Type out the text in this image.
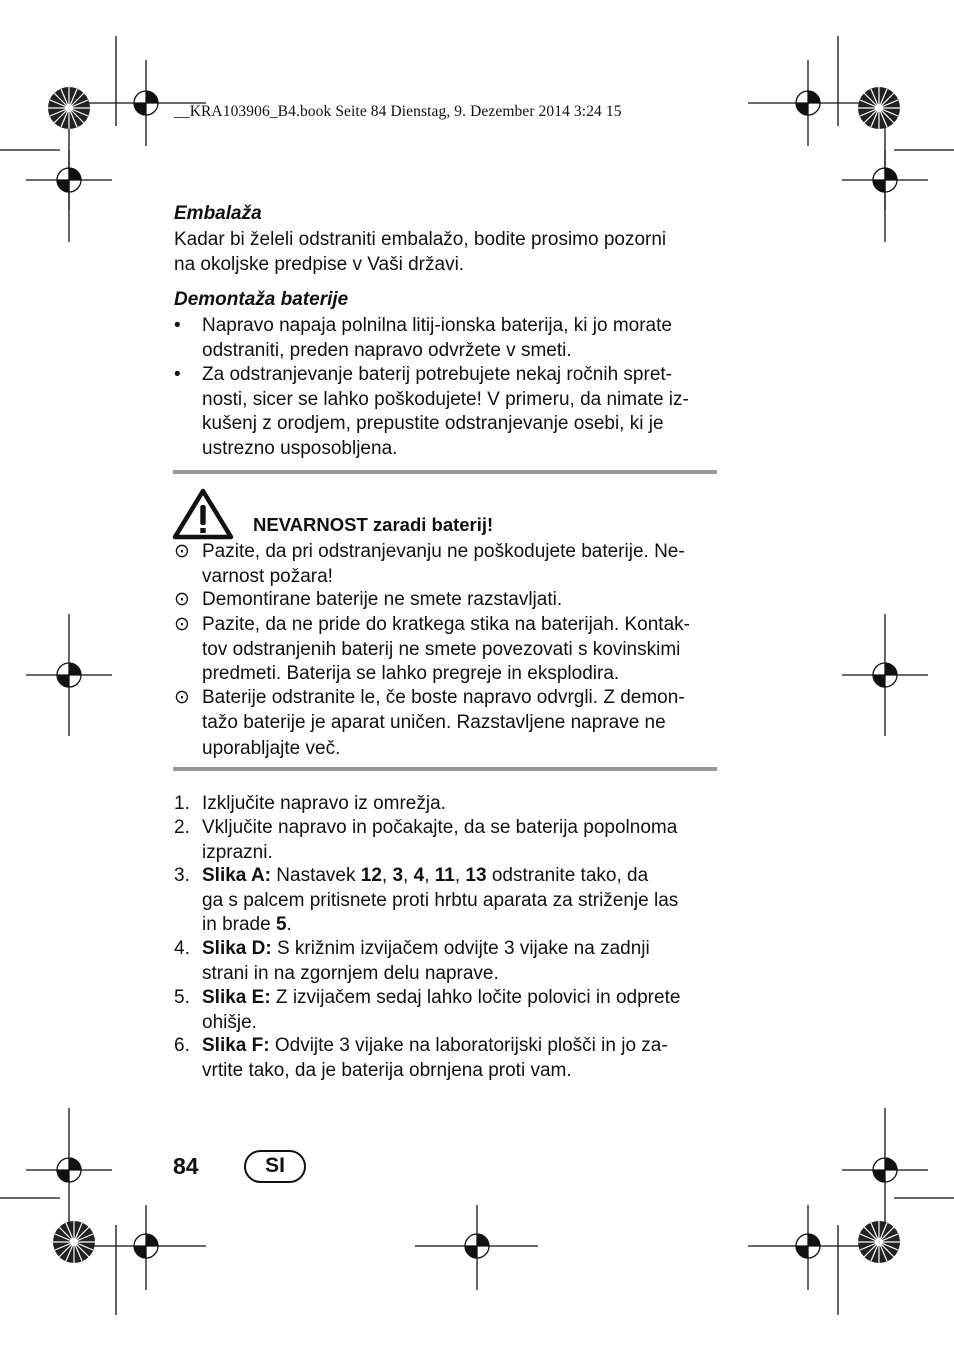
__KRA103906_B4.book Seite 84 Dienstag, 9. Dezember 2014 3:24 15
Embalaža
Kadar bi želeli odstraniti embalažo, bodite prosimo pozorni
na okoljske predpise v Vaši državi.
Demontaža baterije
•	Napravo napaja polnilna litij-ionska baterija, ki jo morate
odstraniti, preden napravo odvržete v smeti.
•	Za odstranjevanje baterij potrebujete nekaj ročnih spret-
nosti, sicer se lahko poškodujete! V primeru, da nimate iz-
kušenj z orodjem, prepustite odstranjevanje osebi, ki je
ustrezno usposobljena.
NEVARNOST zaradi baterij!
⊙ Pazite, da pri odstranjevanju ne poškodujete baterije. Ne-
varnost požara!
⊙ Demontirane baterije ne smete razstavljati.
⊙ Pazite, da ne pride do kratkega stika na baterijah. Kontak-
tov odstranjenih baterij ne smete povezovati s kovinskimi
predmeti. Baterija se lahko pregreje in eksplodira.
⊙ Baterije odstranite le, če boste napravo odvrgli. Z demon-
tažo baterije je aparat uničen. Razstavljene naprave ne
uporabljajte več.
1. Izključite napravo iz omrežja.
2. Vključite napravo in počakajte, da se baterija popolnoma
izprazni.
3. Slika A: Nastavek 12, 3, 4, 11, 13 odstranite tako, da
ga s palcem pritisnete proti hrbtu aparata za striženje las
in brade 5.
4. Slika D: S križnim izvijačem odvijte 3 vijake na zadnji
strani in na zgornjem delu naprave.
5. Slika E: Z izvijačem sedaj lahko ločite polovici in odprete
ohišje.
6. Slika F: Odvijte 3 vijake na laboratorijski plošči in jo za-
vrtite tako, da je baterija obrnjena proti vam.
84	SI
